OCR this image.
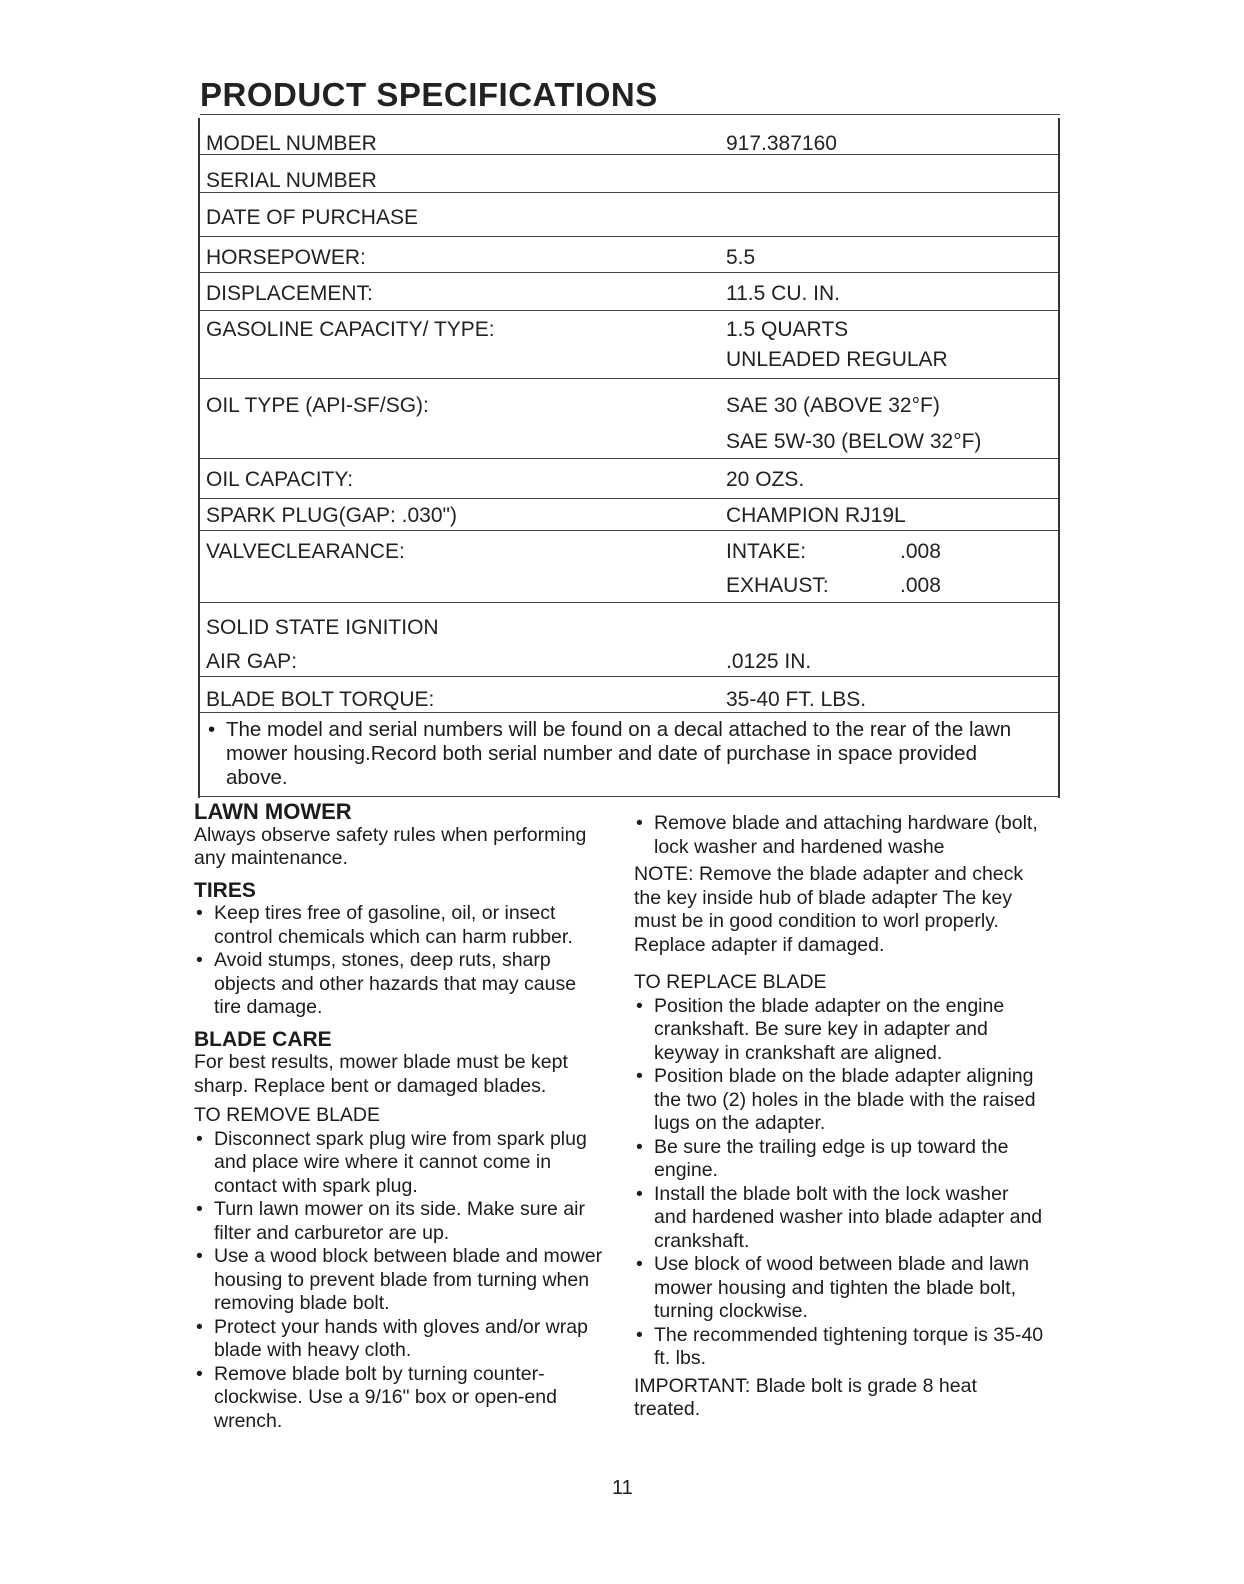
PRODUCT SPECIFICATIONS
MODEL NUMBER	917.387160
SERIAL NUMBER
DATE OF PURCHASE
HORSEPOWER:	5.5
DISPLACEMENT:	11.5 CU. IN.
GASOLINE CAPACITY/ TYPE:	1.5 QUARTS
UNLEADED REGULAR
OIL TYPE (API-SF/SG):	SAE 30 (ABOVE 32°F)
SAE 5W-30 (BELOW 32°F)
OIL CAPACITY:	20 OZS.
SPARK PLUG(GAP: .030")	CHAMPION RJ19L
VALVECLEARANCE:	INTAKE:	.008
EXHAUST:	.008
SOLID STATE IGNITION
AIR GAP:	.0125 IN.
BLADE BOLT TORQUE:	35-40 FT. LBS.
• The model and serial numbers will be found on a decal attached to the rear of the lawn mower housing.Record both serial number and date of purchase in space provided above.
LAWN MOWER

Always observe safety rules when performing any maintenance.

TIRES
• Keep tires free of gasoline, oil, or insect control chemicals which can harm rubber.
• Avoid stumps, stones, deep ruts, sharp objects and other hazards that may cause tire damage.
BLADE CARE

For best results, mower blade must be kept sharp. Replace bent or damaged blades.

TO REMOVE BLADE

• Disconnect spark plug wire from spark plug and place wire where it cannot come in contact with spark plug.
• Turn lawn mower on its side. Make sure air filter and carburetor are up.
• Use a wood block between blade and mower housing to prevent blade from turning when removing blade bolt.
• Protect your hands with gloves and/or wrap blade with heavy cloth.
• Remove blade bolt by turning counter-clockwise. Use a 9/16" box or open-end wrench.
• Remove blade and attaching hardware (bolt, lock washer and hardened washe

NOTE: Remove the blade adapter and check the key inside hub of blade adapter The key must be in good condition to worl properly. Replace adapter if damaged.

TO REPLACE BLADE

• Position the blade adapter on the engine crankshaft. Be sure key in adapter and keyway in crankshaft are aligned.
• Position blade on the blade adapter aligning the two (2) holes in the blade with the raised lugs on the adapter.
• Be sure the trailing edge is up toward the engine.
• Install the blade bolt with the lock washer and hardened washer into blade adapter and crankshaft.
• Use block of wood between blade and lawn mower housing and tighten the blade bolt, turning clockwise.
• The recommended tightening torque is 35-40 ft. lbs.

IMPORTANT: Blade bolt is grade 8 heat treated.

11
